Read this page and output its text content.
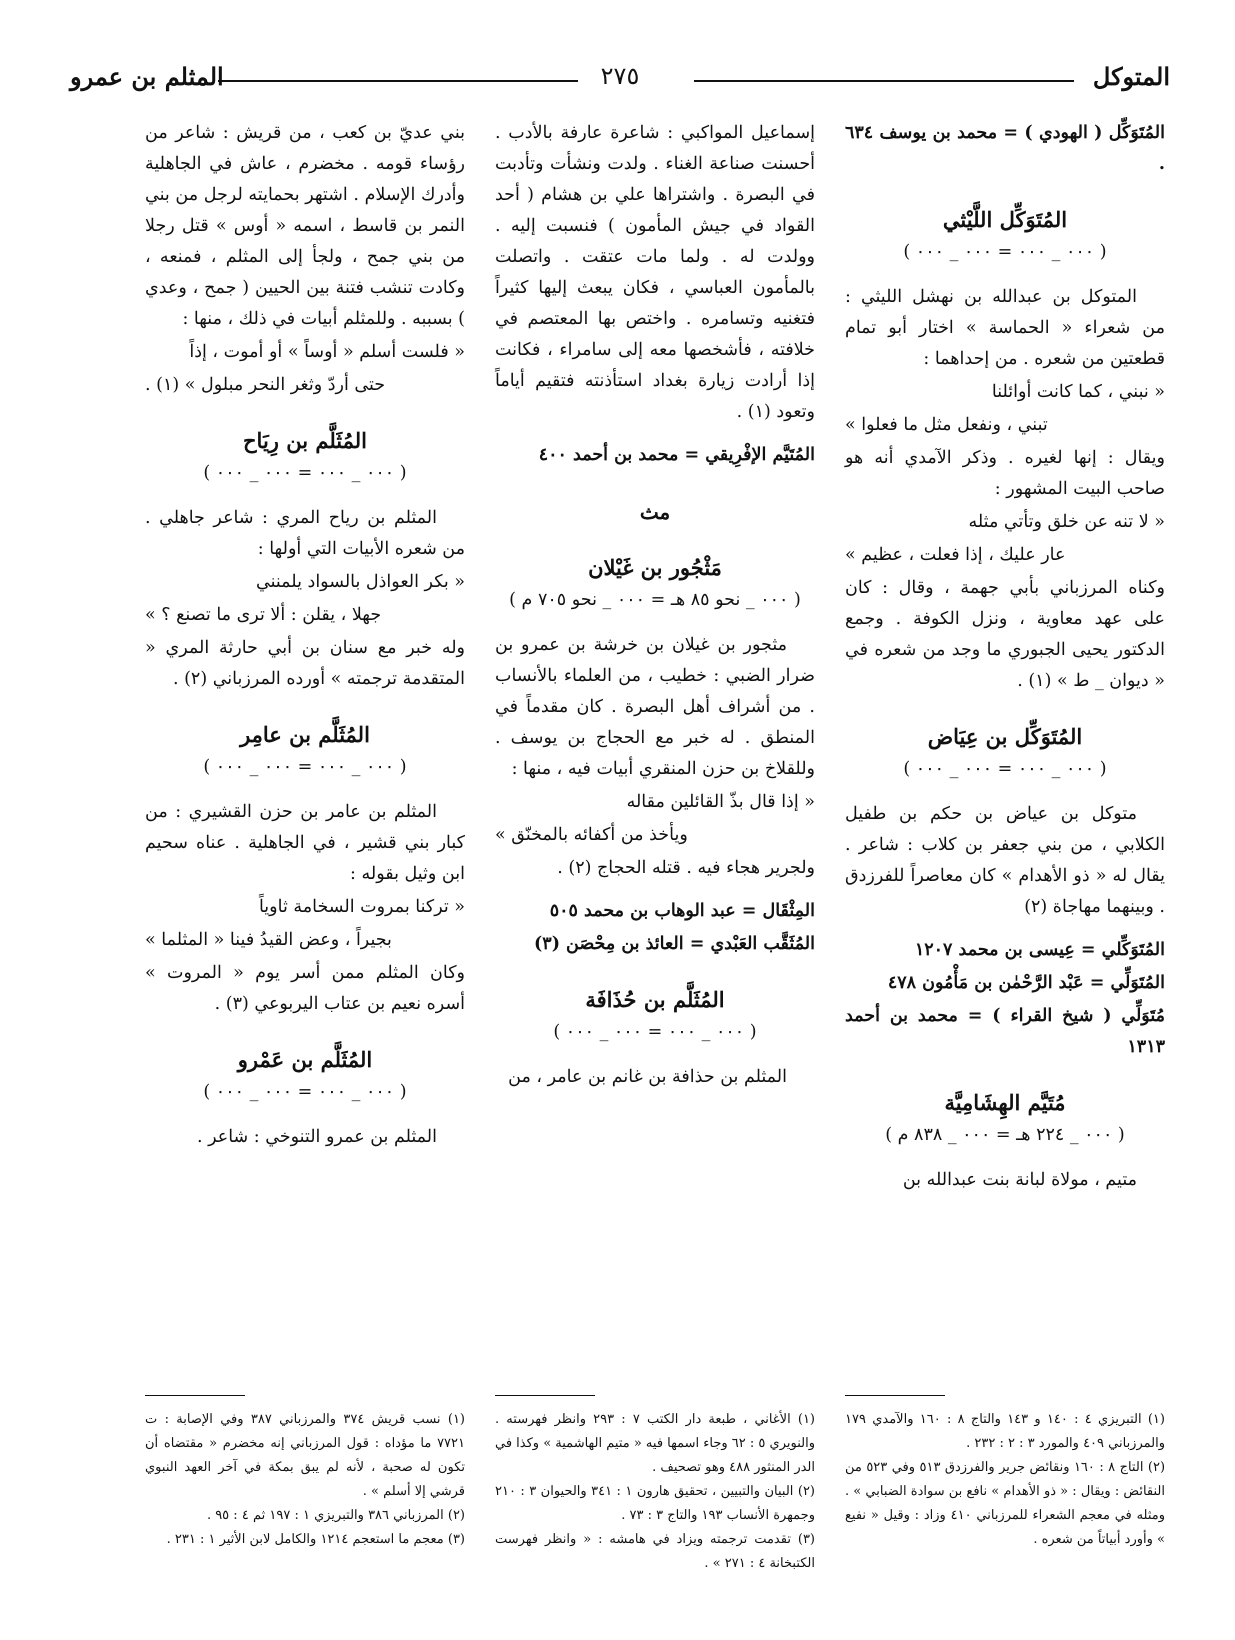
المتوكل
٢٧٥
المثلم بن عمرو

المُتَوَكِّل ( الهودي ) = محمد بن يوسف ٦٣٤ .

المُتَوَكِّل اللَّيْثي
( ٠٠٠ _ ٠٠٠ = ٠٠٠ _ ٠٠٠ )

المتوكل بن عبدالله بن نهشل الليثي : من شعراء « الحماسة » اختار أبو تمام قطعتين من شعره . من إحداهما :

« نبني ، كما كانت أوائلنا

تبني ، ونفعل مثل ما فعلوا »

ويقال : إنها لغيره . وذكر الآمدي أنه هو صاحب البيت المشهور :

« لا تنه عن خلق وتأتي مثله

عار عليك ، إذا فعلت ، عظيم »

وكناه المرزباني بأبي جهمة ، وقال : كان على عهد معاوية ، ونزل الكوفة . وجمع الدكتور يحيى الجبوري ما وجد من شعره في « ديوان _ ط » (١) .

المُتَوَكِّل بن عِيَاض
( ٠٠٠ _ ٠٠٠ = ٠٠٠ _ ٠٠٠ )

متوكل بن عياض بن حكم بن طفيل الكلابي ، من بني جعفر بن كلاب : شاعر . يقال له « ذو الأهدام » كان معاصراً للفرزدق . وبينهما مهاجاة (٢)

المُتَوَكِّلي = عِيسى بن محمد ١٢٠٧

المُتَوَلِّي = عَبْد الرَّحْمٰن بن مَأْمُون ٤٧٨

مُتَوَلِّي ( شيخ القراء ) = محمد بن أحمد ١٣١٣

مُتَيَّم الهِشَامِيَّة
( ٠٠٠ _ ٢٢٤ هـ = ٠٠٠ _ ٨٣٨ م )

متيم ، مولاة لبانة بنت عبدالله بن

إسماعيل المواكبي : شاعرة عارفة بالأدب . أحسنت صناعة الغناء . ولدت ونشأت وتأدبت في البصرة . واشتراها علي بن هشام ( أحد القواد في جيش المأمون ) فنسبت إليه . وولدت له . ولما مات عتقت . واتصلت بالمأمون العباسي ، فكان يبعث إليها كثيراً فتغنيه وتسامره . واختص بها المعتصم في خلافته ، فأشخصها معه إلى سامراء ، فكانت إذا أرادت زيارة بغداد استأذنته فتقيم أياماً وتعود (١) .

المُتَيَّم الإفْرِيقي = محمد بن أحمد ٤٠٠

مث
مَثْجُور بن غَيْلان
( ٠٠٠ _ نحو ٨٥ هـ = ٠٠٠ _ نحو ٧٠٥ م )

مثجور بن غيلان بن خرشة بن عمرو بن ضرار الضبي : خطيب ، من العلماء بالأنساب . من أشراف أهل البصرة . كان مقدماً في المنطق . له خبر مع الحجاج بن يوسف . وللقلاخ بن حزن المنقري أبيات فيه ، منها :

« إذا قال بذّ القائلين مقاله

ويأخذ من أكفائه بالمخنّق »

ولجرير هجاء فيه . قتله الحجاج (٢) .

المِثْقَال = عبد الوهاب بن محمد ٥٠٥

المُثَقَّب العَبْدي = العائذ بن مِحْصَن (٣)

المُثَلَّم بن حُذَافَة
( ٠٠٠ _ ٠٠٠ = ٠٠٠ _ ٠٠٠ )

المثلم بن حذافة بن غانم بن عامر ، من

بني عديّ بن كعب ، من قريش : شاعر من رؤساء قومه . مخضرم ، عاش في الجاهلية وأدرك الإسلام . اشتهر بحمايته لرجل من بني النمر بن قاسط ، اسمه « أوس » قتل رجلا من بني جمح ، ولجأ إلى المثلم ، فمنعه ، وكادت تنشب فتنة بين الحيين ( جمح ، وعدي ) بسببه . وللمثلم أبيات في ذلك ، منها :

« فلست أسلم « أوساً » أو أموت ، إذاً

حتى أردّ وثغر النحر مبلول » (١) .

المُثَلَّم بن رِيَاح
( ٠٠٠ _ ٠٠٠ = ٠٠٠ _ ٠٠٠ )

المثلم بن رياح المري : شاعر جاهلي . من شعره الأبيات التي أولها :

« بكر العواذل بالسواد يلمنني

جهلا ، يقلن : ألا ترى ما تصنع ؟ »

وله خبر مع سنان بن أبي حارثة المري « المتقدمة ترجمته » أورده المرزباني (٢) .

المُثَلَّم بن عامِر
( ٠٠٠ _ ٠٠٠ = ٠٠٠ _ ٠٠٠ )

المثلم بن عامر بن حزن القشيري : من كبار بني قشير ، في الجاهلية . عناه سحيم ابن وثيل بقوله :

« تركنا بمروت السخامة ثاوياً

بجيراً ، وعض القيدُ فينا « المثلما »

وكان المثلم ممن أسر يوم « المروت » أسره نعيم بن عتاب اليربوعي (٣) .

المُثَلَّم بن عَمْرو
( ٠٠٠ _ ٠٠٠ = ٠٠٠ _ ٠٠٠ )

المثلم بن عمرو التنوخي : شاعر .

(١) التبريزي ٤ : ١٤٠ و ١٤٣ والتاج ٨ : ١٦٠ والآمدي ١٧٩ والمرزباني ٤٠٩ والمورد ٣ : ٢ : ٢٣٢ .

(٢) التاج ٨ : ١٦٠ ونقائض جرير والفرزدق ٥١٣ وفي ٥٢٣ من النقائض : ويقال : « ذو الأهدام » نافع بن سوادة الضبابي » . ومثله في معجم الشعراء للمرزباني ٤١٠ وزاد : وقيل « نفيع » وأورد أبياتاً من شعره .

(١) الأغاني ، طبعة دار الكتب ٧ : ٢٩٣ وانظر فهرسته . والنويري ٥ : ٦٢ وجاء اسمها فيه « متيم الهاشمية » وكذا في الدر المنثور ٤٨٨ وهو تصحيف .

(٢) البيان والتبيين ، تحقيق هارون ١ : ٣٤١ والحيوان ٣ : ٢١٠ وجمهرة الأنساب ١٩٣ والتاج ٣ : ٧٣ .

(٣) تقدمت ترجمته ويزاد في هامشه : « وانظر فهرست الكتبخانة ٤ : ٢٧١ » .

(١) نسب قريش ٣٧٤ والمرزباني ٣٨٧ وفي الإصابة : ت ٧٧٢١ ما مؤداه : قول المرزباني إنه مخضرم « مقتضاه أن تكون له صحبة ، لأنه لم يبق بمكة في آخر العهد النبوي قرشي إلا أسلم » .

(٢) المرزباني ٣٨٦ والتبريزي ١ : ١٩٧ ثم ٤ : ٩٥ .

(٣) معجم ما استعجم ١٢١٤ والكامل لابن الأثير ١ : ٢٣١ .
